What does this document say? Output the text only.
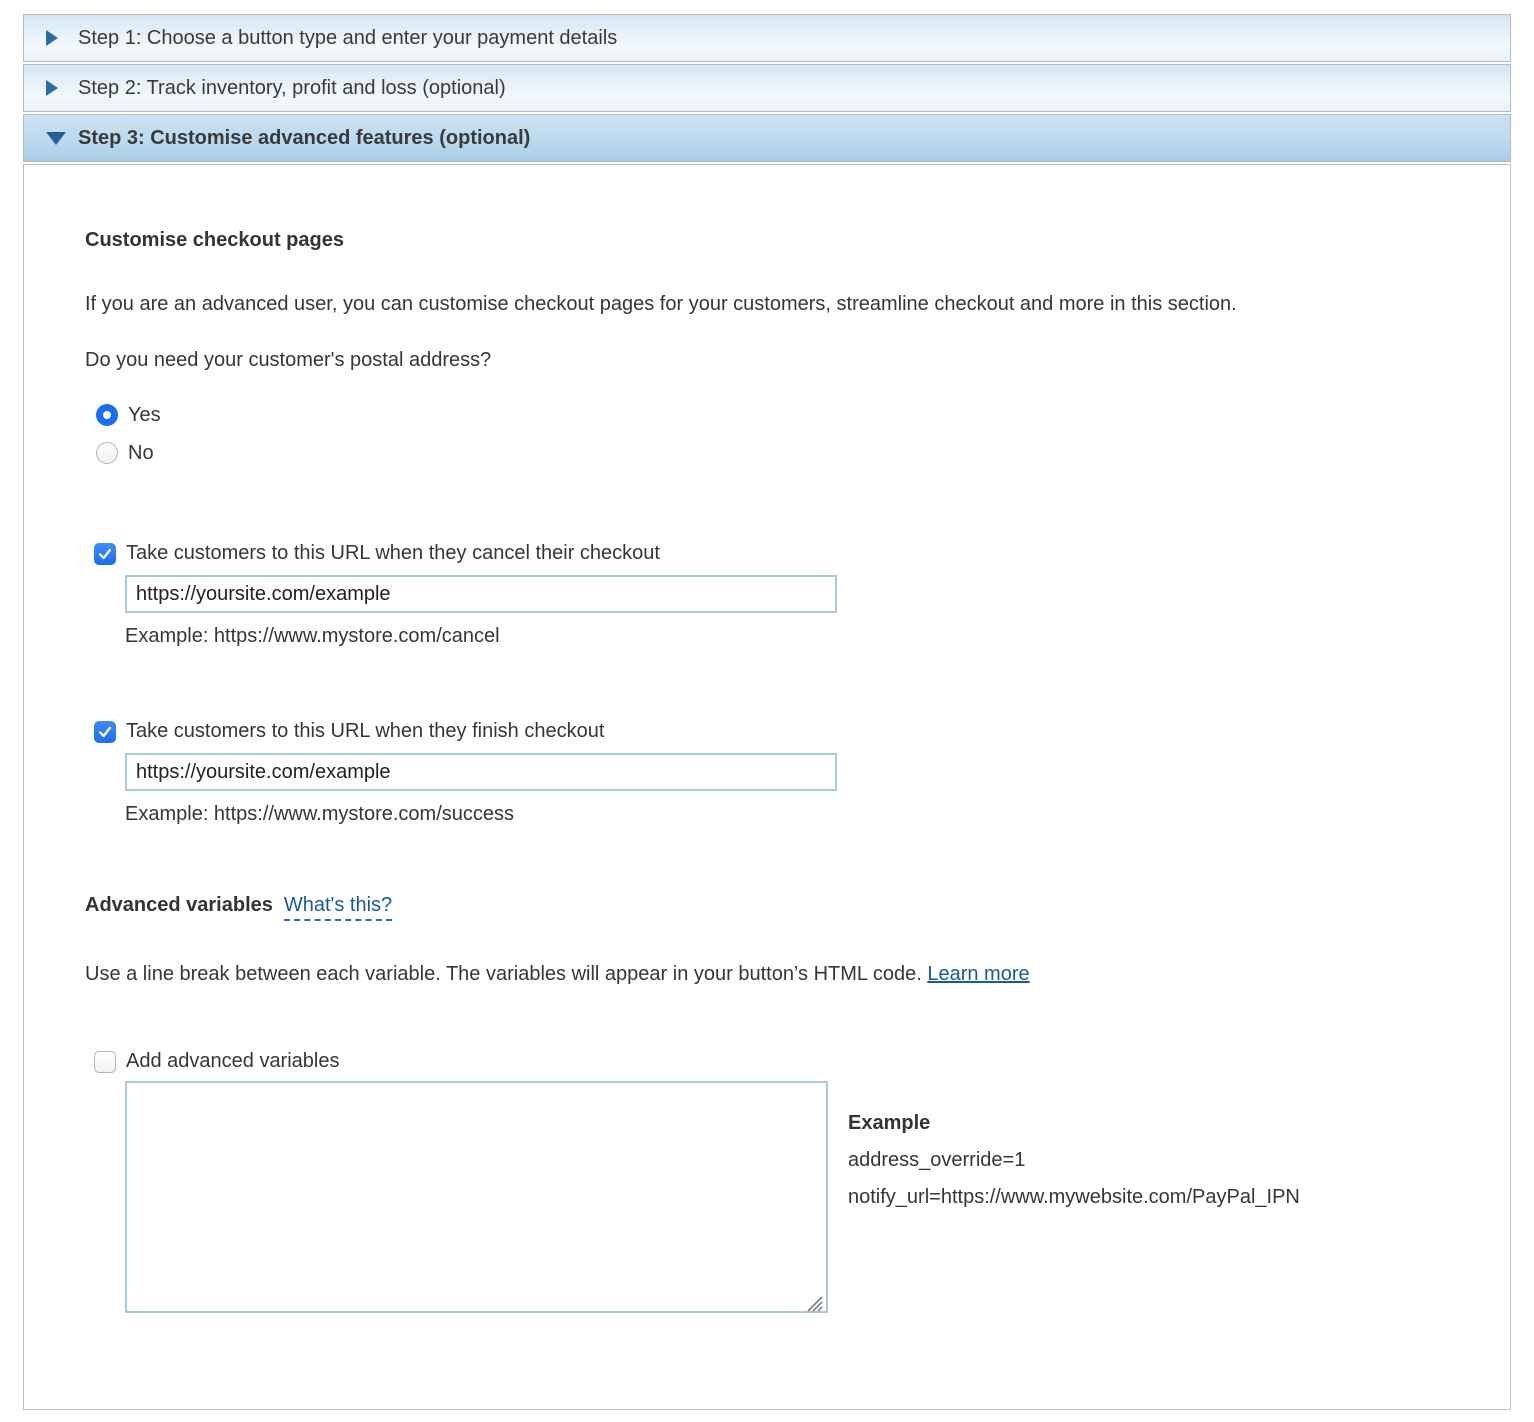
Step 1: Choose a button type and enter your payment details
Step 2: Track inventory, profit and loss (optional)
Step 3: Customise advanced features (optional)
Customise checkout pages

If you are an advanced user, you can customise checkout pages for your customers, streamline checkout and more in this section.

Do you need your customer's postal address?

Yes
No
Take customers to this URL when they cancel their checkout
https://yoursite.com/example
Example: https://www.mystore.com/cancel
Take customers to this URL when they finish checkout
https://yoursite.com/example
Example: https://www.mystore.com/success
Advanced variables What's this?

Use a line break between each variable. The variables will appear in your button’s HTML code. Learn more

Add advanced variables
Example
address_override=1
notify_url=https://www.mywebsite.com/PayPal_IPN
